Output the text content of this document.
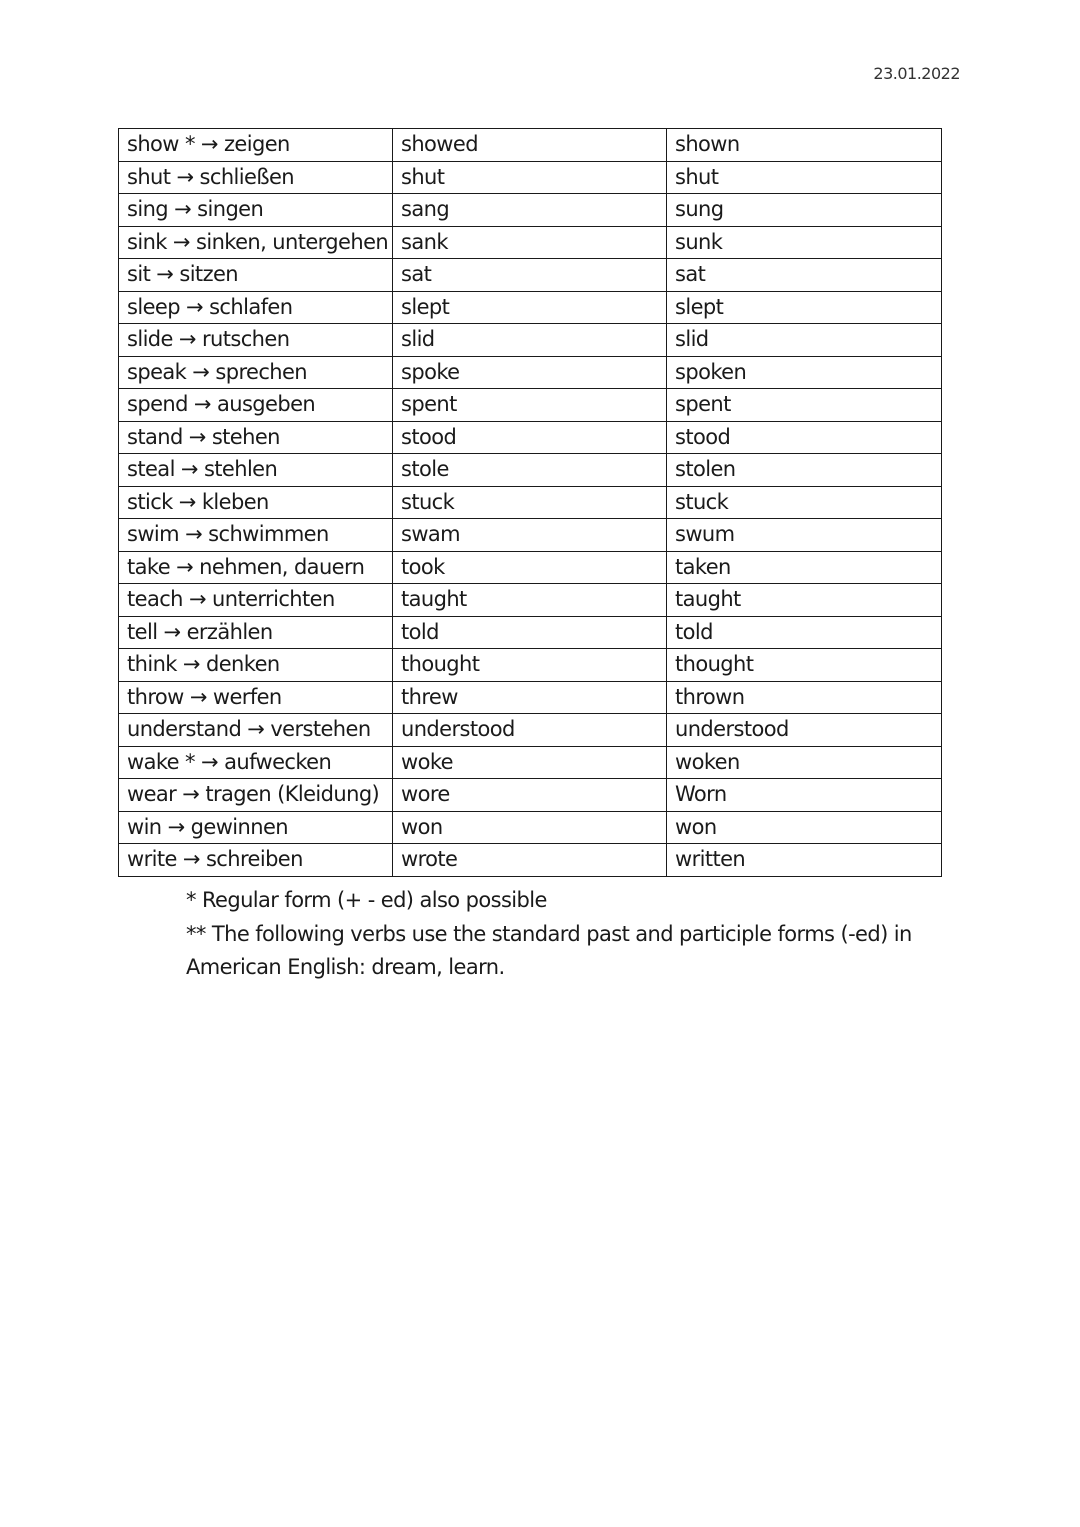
23.01.2022
show * → zeigen	showed	shown
shut → schließen	shut	shut
sing → singen	sang	sung
sink → sinken, untergehen	sank	sunk
sit → sitzen	sat	sat
sleep → schlafen	slept	slept
slide → rutschen	slid	slid
speak → sprechen	spoke	spoken
spend → ausgeben	spent	spent
stand → stehen	stood	stood
steal → stehlen	stole	stolen
stick → kleben	stuck	stuck
swim → schwimmen	swam	swum
take → nehmen, dauern	took	taken
teach → unterrichten	taught	taught
tell → erzählen	told	told
think → denken	thought	thought
throw → werfen	threw	thrown
understand → verstehen	understood	understood
wake * → aufwecken	woke	woken
wear → tragen (Kleidung)	wore	Worn
win → gewinnen	won	won
write → schreiben	wrote	written

* Regular form (+ - ed) also possible

** The following verbs use the standard past and participle forms (-ed) in American English: dream, learn.
